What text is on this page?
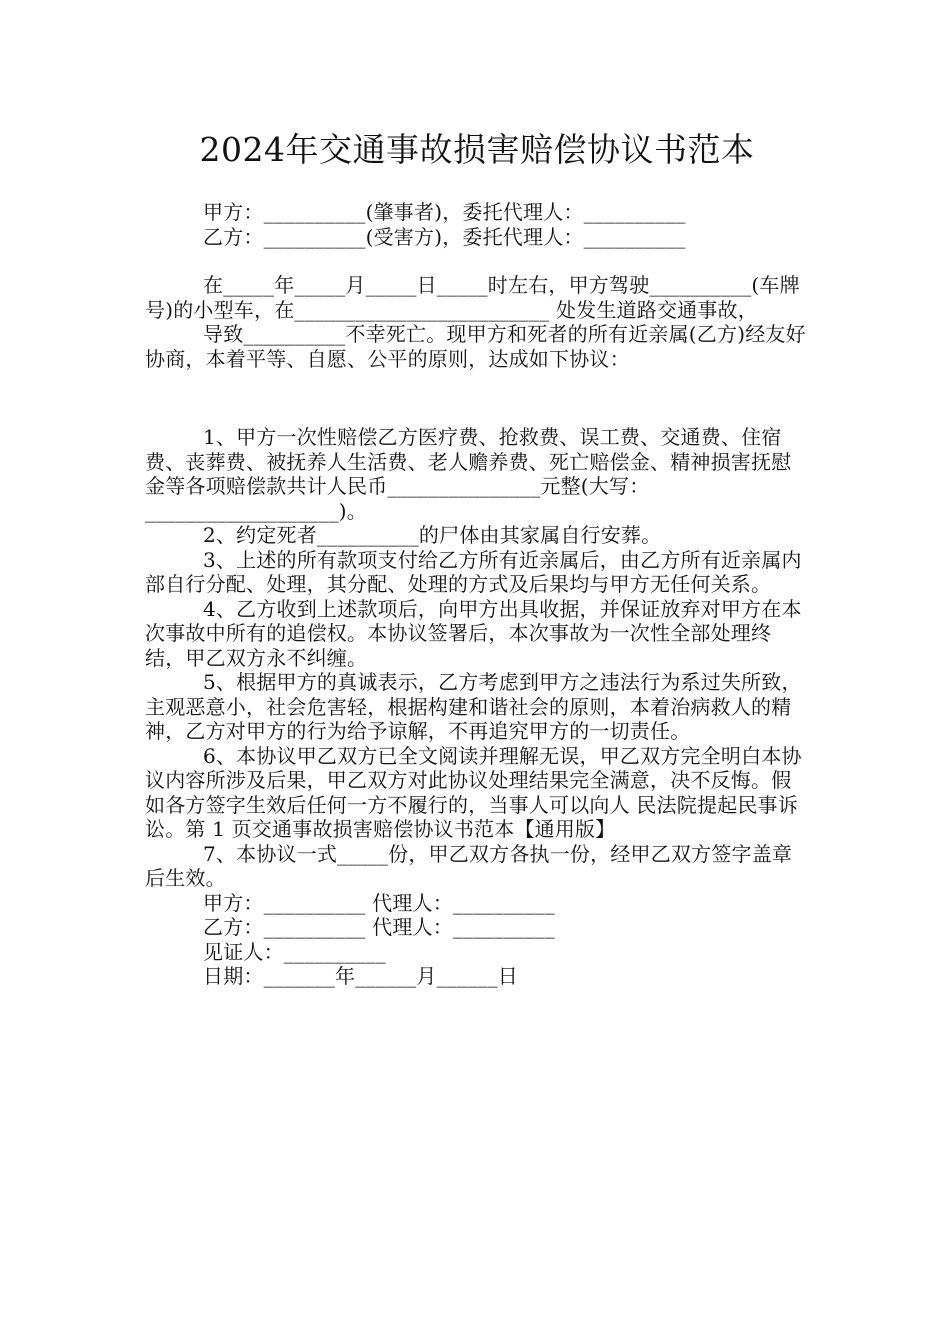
2024年交通事故损害赔偿协议书范本

甲方：__________(肇事者)，委托代理人：__________

乙方：__________(受害方)，委托代理人：__________

在_____年_____月_____日_____时左右，甲方驾驶__________(车牌号)的小型车，在_________________________ 处发生道路交通事故，

导致__________不幸死亡。现甲方和死者的所有近亲属(乙方)经友好协商，本着平等、自愿、公平的原则，达成如下协议：

1、甲方一次性赔偿乙方医疗费、抢救费、误工费、交通费、住宿费、丧葬费、被抚养人生活费、老人赡养费、死亡赔偿金、精神损害抚慰金等各项赔偿款共计人民币_______________元整(大写：___________________)。

2、约定死者__________的尸体由其家属自行安葬。

3、上述的所有款项支付给乙方所有近亲属后，由乙方所有近亲属内部自行分配、处理，其分配、处理的方式及后果均与甲方无任何关系。

4、乙方收到上述款项后，向甲方出具收据，并保证放弃对甲方在本次事故中所有的追偿权。本协议签署后，本次事故为一次性全部处理终结，甲乙双方永不纠缠。

5、根据甲方的真诚表示，乙方考虑到甲方之违法行为系过失所致，主观恶意小，社会危害轻，根据构建和谐社会的原则，本着治病救人的精神，乙方对甲方的行为给予谅解，不再追究甲方的一切责任。

6、本协议甲乙双方已全文阅读并理解无误，甲乙双方完全明白本协议内容所涉及后果，甲乙双方对此协议处理结果完全满意，决不反悔。假如各方签字生效后任何一方不履行的，当事人可以向人 民法院提起民事诉讼。第 1 页交通事故损害赔偿协议书范本【通用版】

7、本协议一式_____份，甲乙双方各执一份，经甲乙双方签字盖章后生效。

甲方：__________ 代理人：__________

乙方：__________ 代理人：__________

见证人：__________

日期：_______年______月______日
